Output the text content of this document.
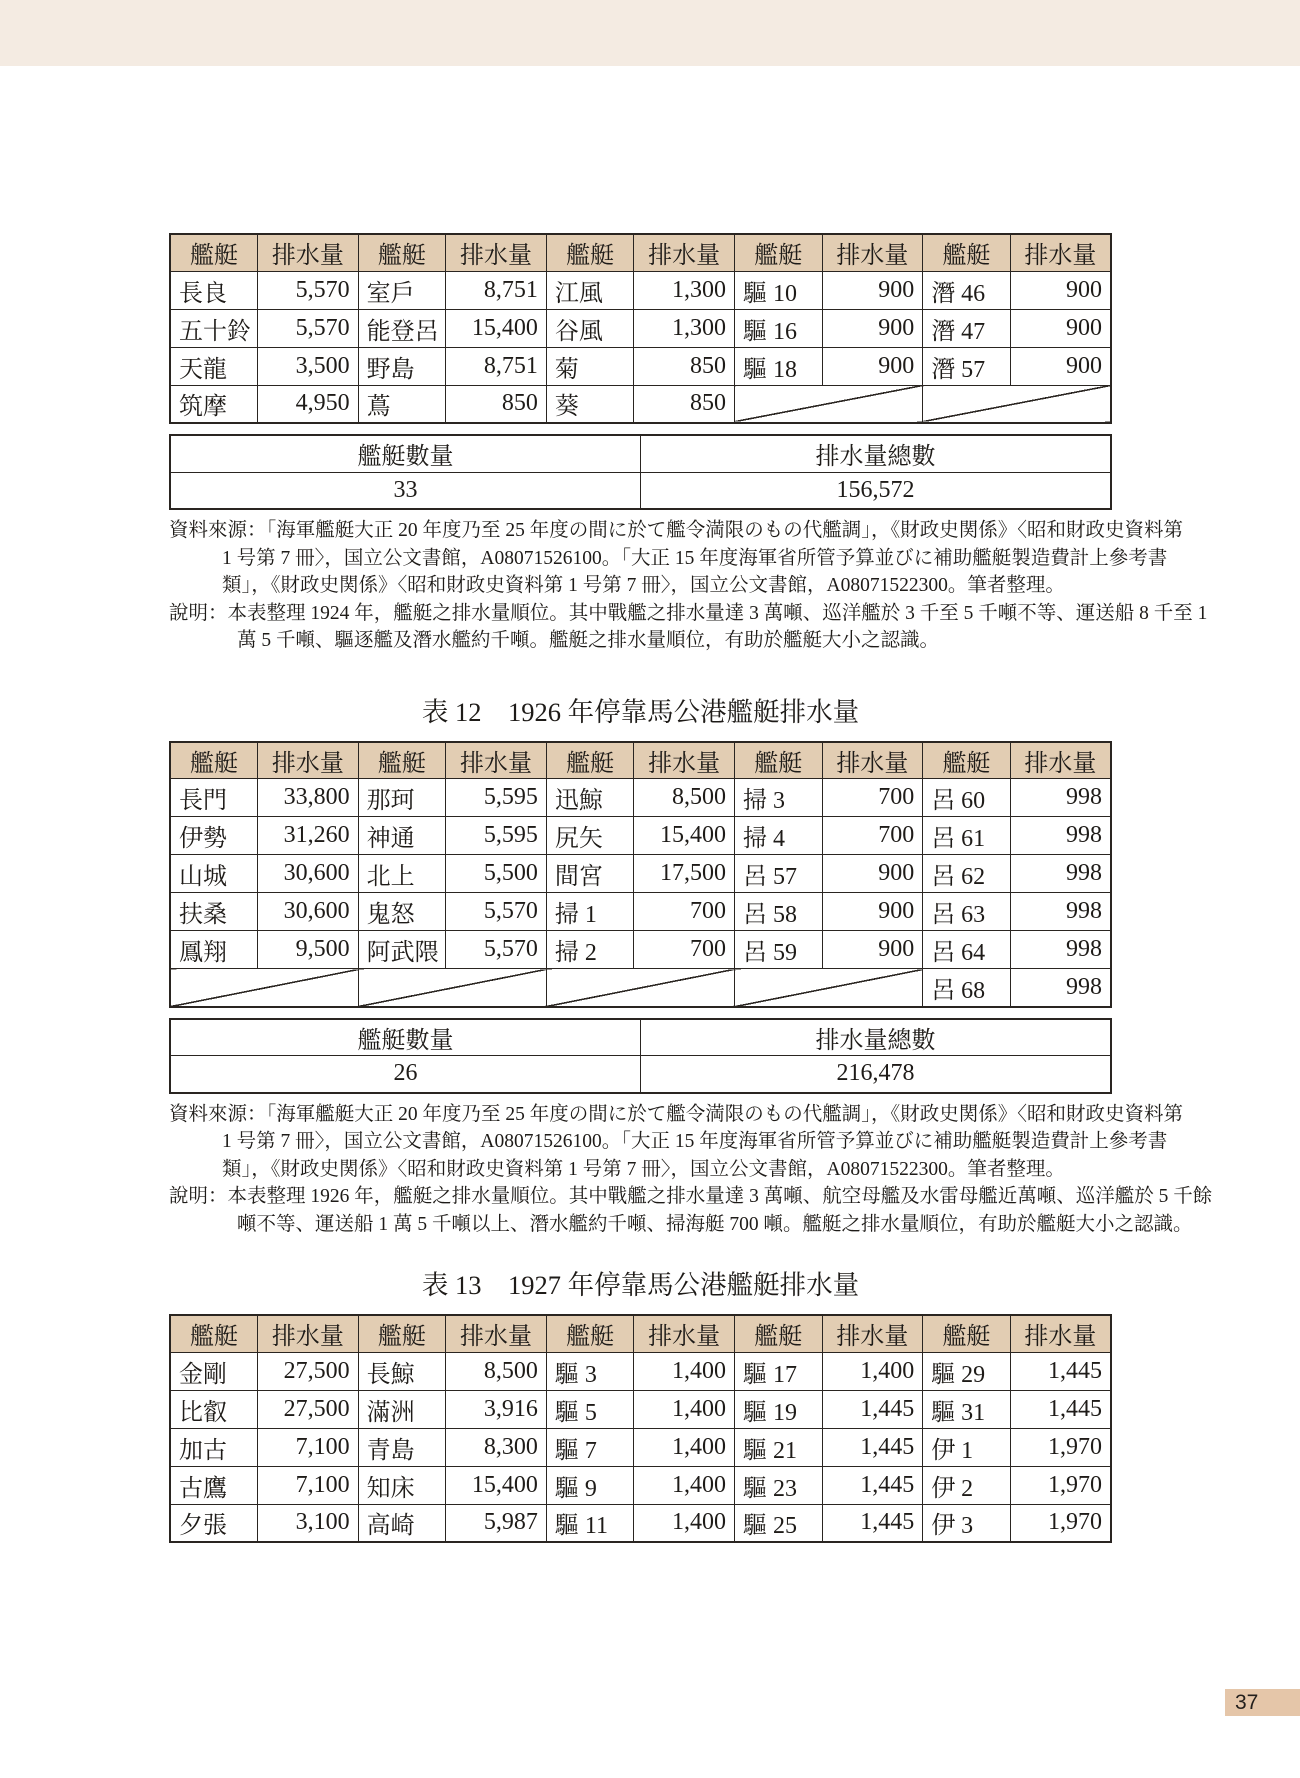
艦艇	排水量	艦艇	排水量	艦艇	排水量	艦艇	排水量	艦艇	排水量
長良	5,570	室戶	8,751	江風	1,300	驅 10	900	潛 46	900
五十鈴	5,570	能登呂	15,400	谷風	1,300	驅 16	900	潛 47	900
天龍	3,500	野島	8,751	菊	850	驅 18	900	潛 57	900
筑摩	4,950	蔦	850	葵	850				
艦艇數量	排水量總數
33	156,572
資料來源：「海軍艦艇大正 20 年度乃至 25 年度の間に於て艦令満限のもの代艦調」，《財政史関係》〈昭和財政史資料第
1 号第 7 冊〉，国立公文書館，A08071526100。「大正 15 年度海軍省所管予算並びに補助艦艇製造費計上參考書
類」，《財政史関係》〈昭和財政史資料第 1 号第 7 冊〉，国立公文書館，A08071522300。筆者整理。
說明：本表整理 1924 年，艦艇之排水量順位。其中戰艦之排水量達 3 萬噸、巡洋艦於 3 千至 5 千噸不等、運送船 8 千至 1
萬 5 千噸、驅逐艦及潛水艦約千噸。艦艇之排水量順位，有助於艦艇大小之認識。
表 12　1926 年停靠馬公港艦艇排水量
艦艇	排水量	艦艇	排水量	艦艇	排水量	艦艇	排水量	艦艇	排水量
長門	33,800	那珂	5,595	迅鯨	8,500	掃 3	700	呂 60	998
伊勢	31,260	神通	5,595	尻矢	15,400	掃 4	700	呂 61	998
山城	30,600	北上	5,500	間宮	17,500	呂 57	900	呂 62	998
扶桑	30,600	鬼怒	5,570	掃 1	700	呂 58	900	呂 63	998
鳳翔	9,500	阿武隈	5,570	掃 2	700	呂 59	900	呂 64	998
								呂 68	998
艦艇數量	排水量總數
26	216,478
資料來源：「海軍艦艇大正 20 年度乃至 25 年度の間に於て艦令満限のもの代艦調」，《財政史関係》〈昭和財政史資料第
1 号第 7 冊〉，国立公文書館，A08071526100。「大正 15 年度海軍省所管予算並びに補助艦艇製造費計上參考書
類」，《財政史関係》〈昭和財政史資料第 1 号第 7 冊〉，国立公文書館，A08071522300。筆者整理。
說明：本表整理 1926 年，艦艇之排水量順位。其中戰艦之排水量達 3 萬噸、航空母艦及水雷母艦近萬噸、巡洋艦於 5 千餘
噸不等、運送船 1 萬 5 千噸以上、潛水艦約千噸、掃海艇 700 噸。艦艇之排水量順位，有助於艦艇大小之認識。
表 13　1927 年停靠馬公港艦艇排水量
艦艇	排水量	艦艇	排水量	艦艇	排水量	艦艇	排水量	艦艇	排水量
金剛	27,500	長鯨	8,500	驅 3	1,400	驅 17	1,400	驅 29	1,445
比叡	27,500	滿洲	3,916	驅 5	1,400	驅 19	1,445	驅 31	1,445
加古	7,100	青島	8,300	驅 7	1,400	驅 21	1,445	伊 1	1,970
古鷹	7,100	知床	15,400	驅 9	1,400	驅 23	1,445	伊 2	1,970
夕張	3,100	高崎	5,987	驅 11	1,400	驅 25	1,445	伊 3	1,970
37
